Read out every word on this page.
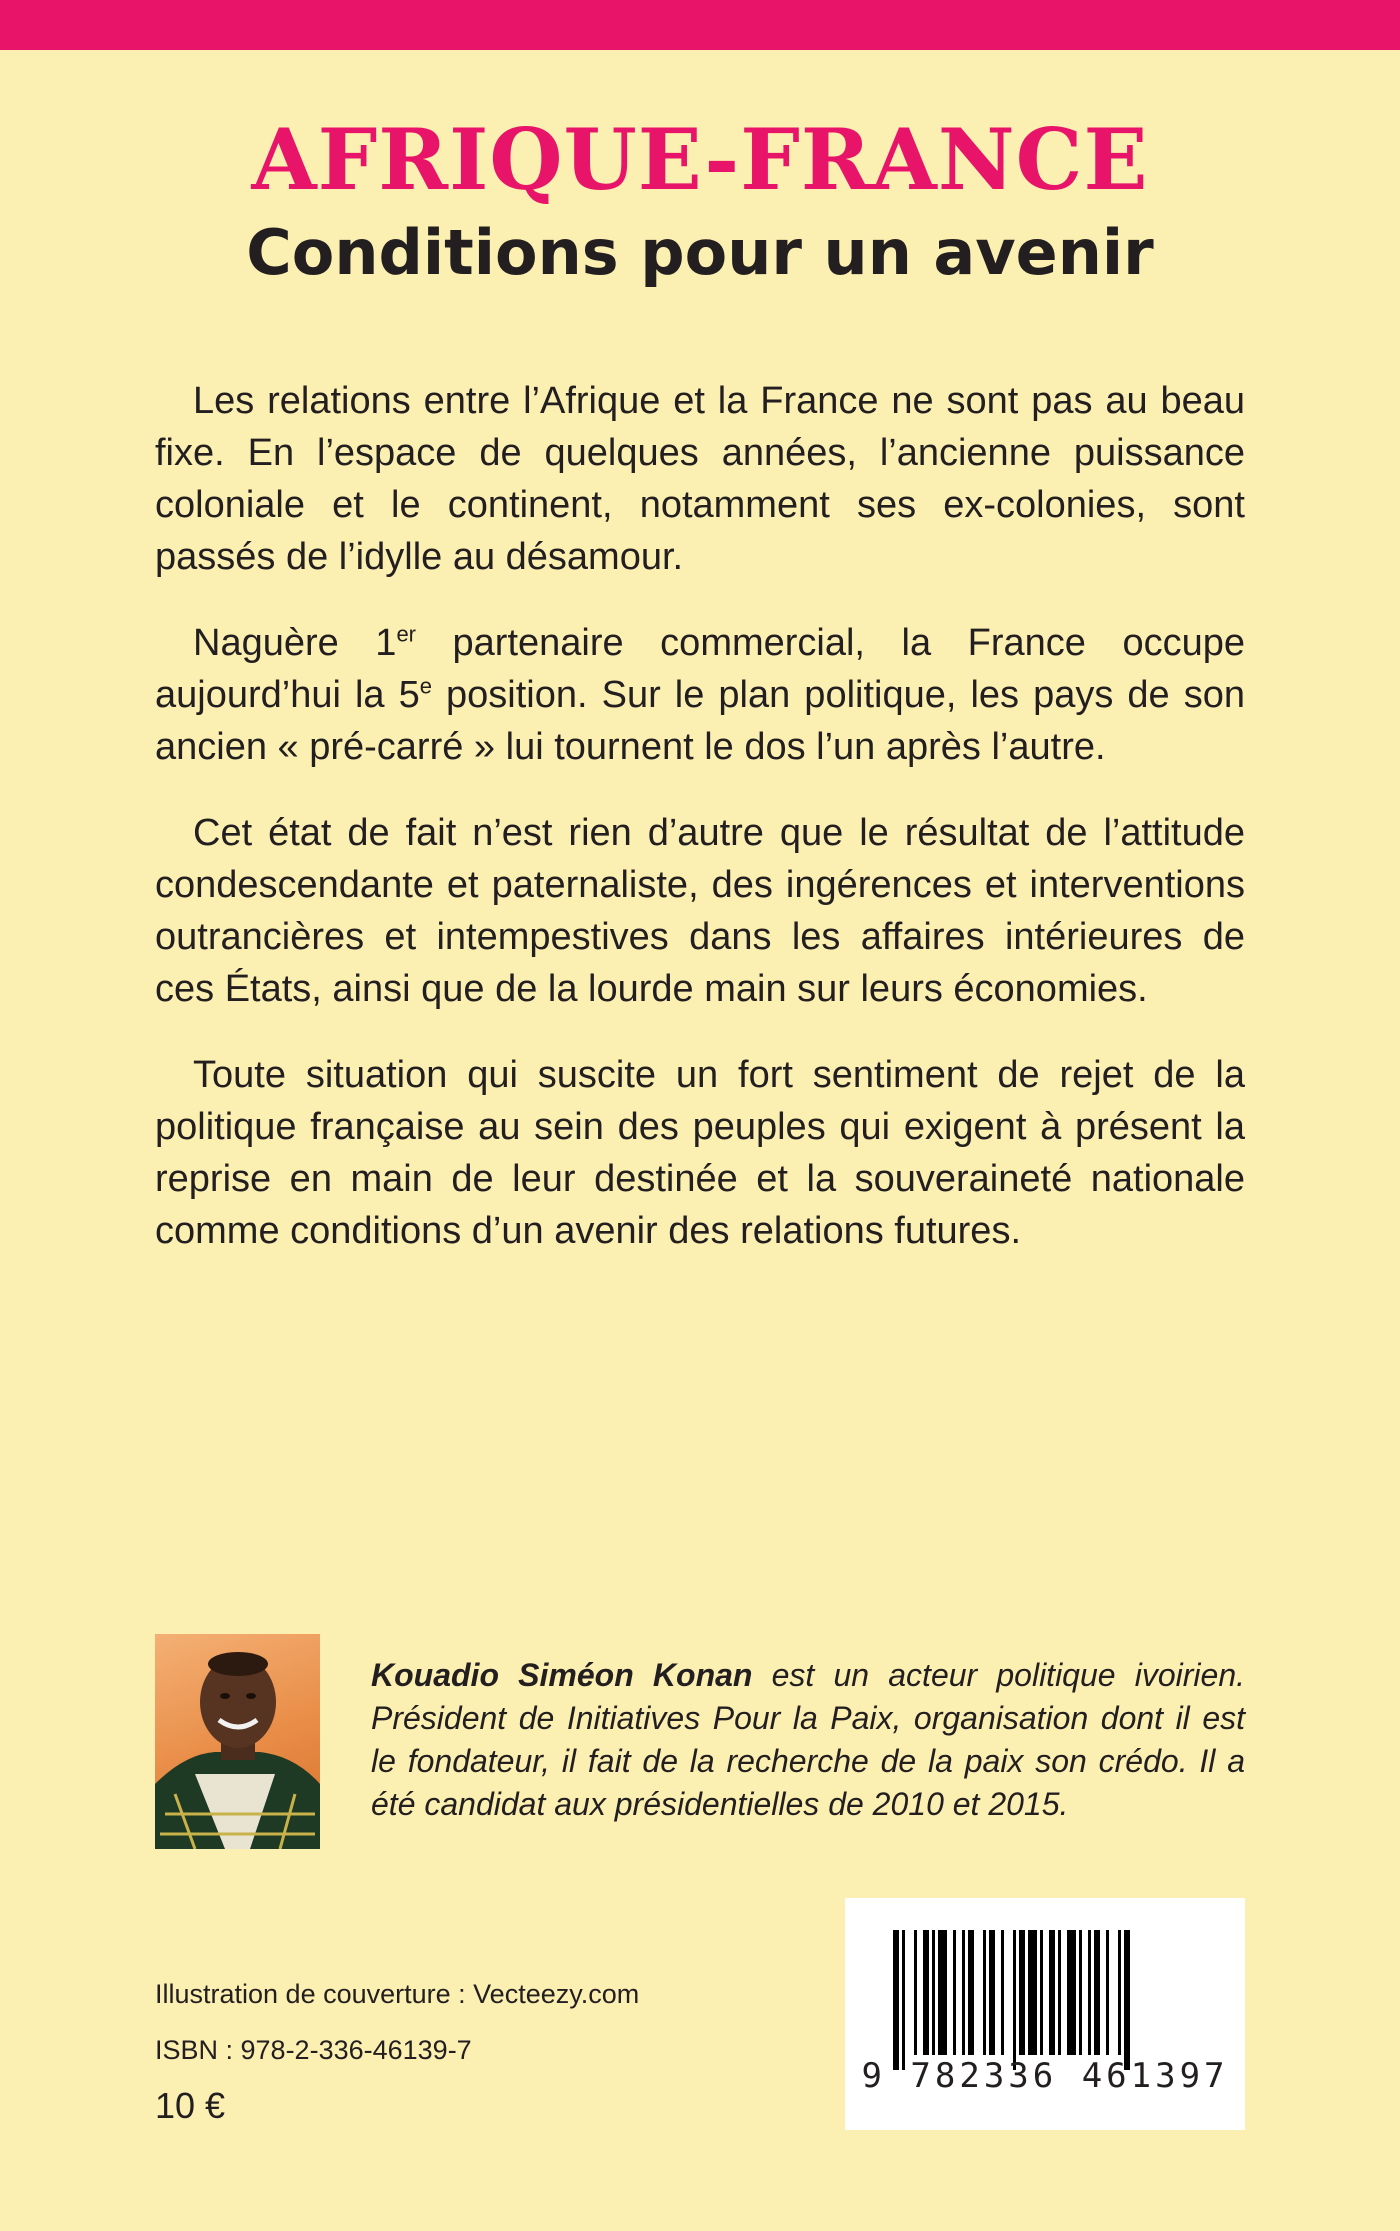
AFRIQUE-FRANCE
Conditions pour un avenir

Les relations entre l’Afrique et la France ne sont pas au beau fixe. En l’espace de quelques années, l’ancienne puissance coloniale et le continent, notamment ses ex-colonies, sont passés de l’idylle au désamour.

Naguère 1er partenaire commercial, la France occupe aujourd’hui la 5e position. Sur le plan politique, les pays de son ancien « pré-carré » lui tournent le dos l’un après l’autre.

Cet état de fait n’est rien d’autre que le résultat de l’attitude condescendante et paternaliste, des ingérences et interventions outrancières et intempestives dans les affaires intérieures de ces États, ainsi que de la lourde main sur leurs économies.

Toute situation qui suscite un fort sentiment de rejet de la politique française au sein des peuples qui exigent à présent la reprise en main de leur destinée et la souveraineté nationale comme conditions d’un avenir des relations futures.

Kouadio Siméon Konan est un acteur politique ivoirien. Président de Initiatives Pour la Paix, organisation dont il est le fondateur, il fait de la recherche de la paix son crédo. Il a été candidat aux présidentielles de 2010 et 2015.

Illustration de couverture : Vecteezy.com

ISBN : 978-2-336-46139-7

10 €

9 782336 461397
